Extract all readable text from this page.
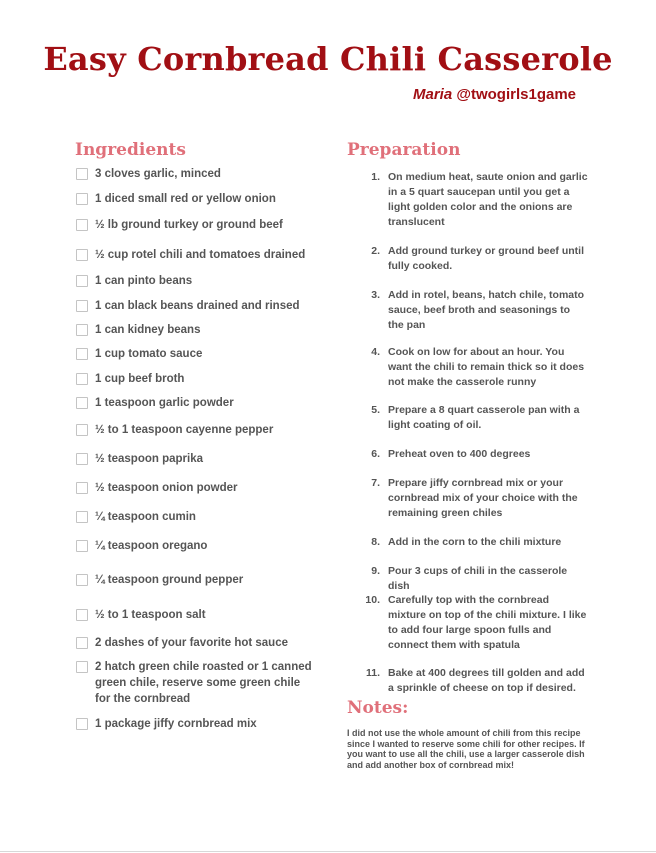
Easy Cornbread Chili Casserole
Maria @twogirls1game
Ingredients
3 cloves garlic, minced
1 diced small red or yellow onion
½ lb ground turkey or ground beef
½ cup rotel chili and tomatoes drained
1 can pinto beans
1 can black beans drained and rinsed
1 can kidney beans
1 cup tomato sauce
1 cup beef broth
1 teaspoon garlic powder
½ to 1 teaspoon cayenne pepper
½ teaspoon paprika
½ teaspoon onion powder
¼ teaspoon cumin
¼ teaspoon oregano
¼ teaspoon ground pepper
½ to 1 teaspoon salt
2 dashes of your favorite hot sauce
2 hatch green chile roasted or 1 canned green chile, reserve some green chile for the cornbread
1 package jiffy cornbread mix
Preparation
1. On medium heat, saute onion and garlic in a 5 quart saucepan until you get a light golden color and the onions are translucent
2. Add ground turkey or ground beef until fully cooked.
3. Add in rotel, beans, hatch chile, tomato sauce, beef broth and seasonings to the pan
4. Cook on low for about an hour. You want the chili to remain thick so it does not make the casserole runny
5. Prepare a 8 quart casserole pan with a light coating of oil.
6. Preheat oven to 400 degrees
7. Prepare jiffy cornbread mix or your cornbread mix of your choice with the remaining green chiles
8. Add in the corn to the chili mixture
9. Pour 3 cups of chili in the casserole dish
10. Carefully top with the cornbread mixture on top of the chili mixture. I like to add four large spoon fulls and connect them with spatula
11. Bake at 400 degrees till golden and add a sprinkle of cheese on top if desired.
Notes:
I did not use the whole amount of chili from this recipe since I wanted to reserve some chili for other recipes. If you want to use all the chili, use a larger casserole dish and add another box of cornbread mix!
